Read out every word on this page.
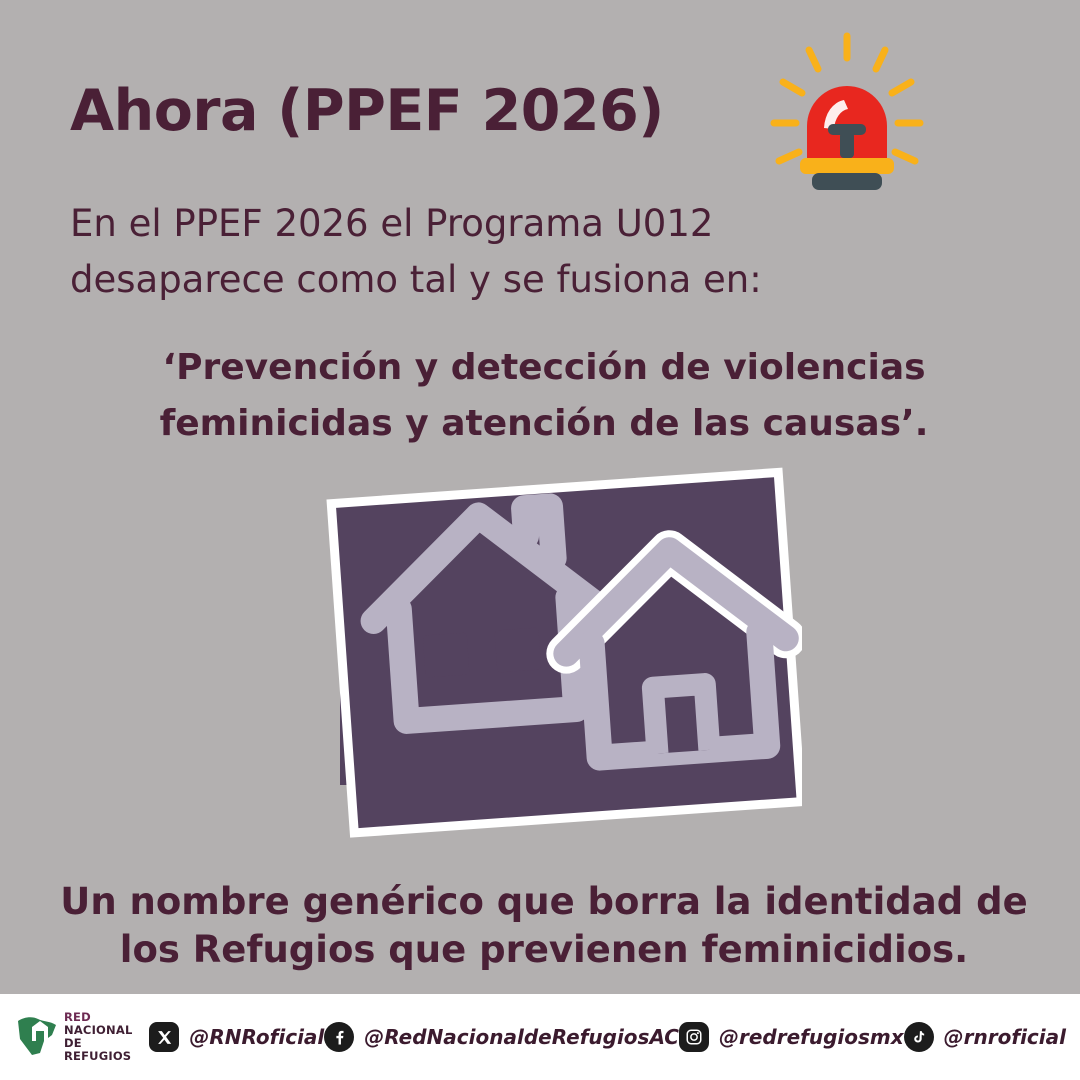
Ahora (PPEF 2026)
En el PPEF 2026 el Programa U012
desaparece como tal y se fusiona en:
‘Prevención y detección de violencias
feminicidas y atención de las causas’.
Un nombre genérico que borra la identidad de
los Refugios que previenen feminicidios.
RED
NACIONAL
DE REFUGIOS
@RNRoficial @RedNacionaldeRefugiosAC @redrefugiosmx @rnroficial
